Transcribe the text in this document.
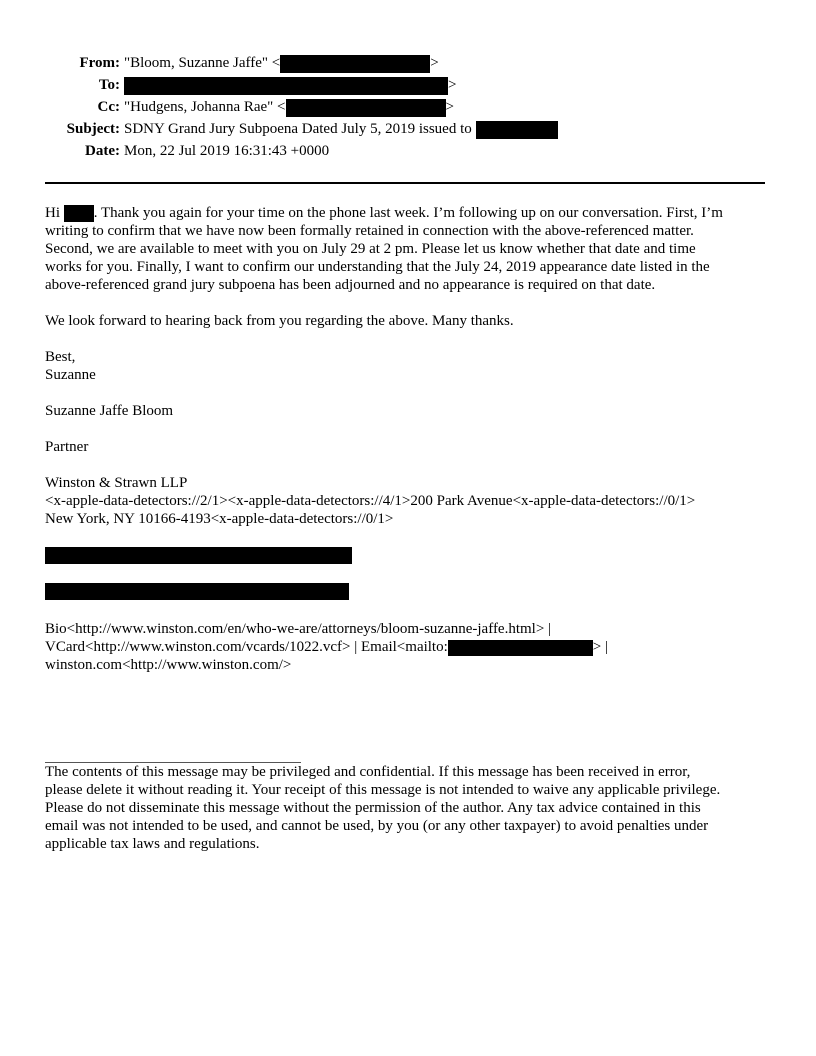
From: "Bloom, Suzanne Jaffe" <	>
To:	>
Cc: "Hudgens, Johanna Rae" <	>
Subject: SDNY Grand Jury Subpoena Dated July 5, 2019 issued to
Date: Mon, 22 Jul 2019 16:31:43 +0000
Hi . Thank you again for your time on the phone last week. I’m following up on our conversation. First, I’m
writing to confirm that we have now been formally retained in connection with the above-referenced matter.
Second, we are available to meet with you on July 29 at 2 pm. Please let us know whether that date and time
works for you. Finally, I want to confirm our understanding that the July 24, 2019 appearance date listed in the
above-referenced grand jury subpoena has been adjourned and no appearance is required on that date.
We look forward to hearing back from you regarding the above. Many thanks.
Best,
Suzanne
Suzanne Jaffe Bloom
Partner
Winston & Strawn LLP
<x-apple-data-detectors://2/1><x-apple-data-detectors://4/1>200 Park Avenue<x-apple-data-detectors://0/1>
New York, NY 10166-4193<x-apple-data-detectors://0/1>
Bio<http://www.winston.com/en/who-we-are/attorneys/bloom-suzanne-jaffe.html> |
VCard<http://www.winston.com/vcards/1022.vcf> | Email<mailto:	> |
winston.com<http://www.winston.com/>
The contents of this message may be privileged and confidential. If this message has been received in error,
please delete it without reading it. Your receipt of this message is not intended to waive any applicable privilege.
Please do not disseminate this message without the permission of the author. Any tax advice contained in this
email was not intended to be used, and cannot be used, by you (or any other taxpayer) to avoid penalties under
applicable tax laws and regulations.
